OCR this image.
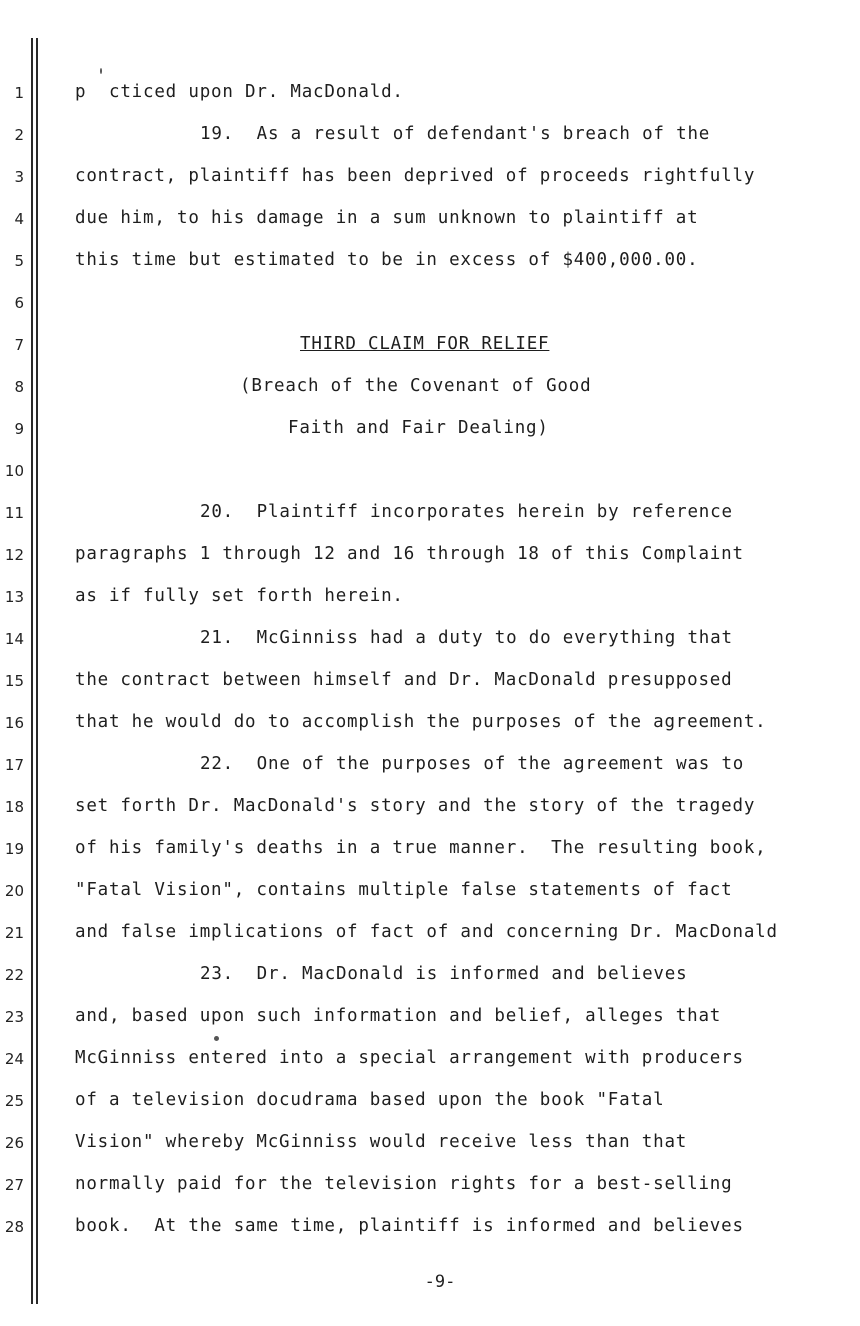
1
2
3
4
5
6
7
8
9
10
11
12
13
14
15
16
17
18
19
20
21
22
23
24
25
26
27
28
p  cticed upon Dr. MacDonald.
19.  As a result of defendant's breach of the
contract, plaintiff has been deprived of proceeds rightfully
due him, to his damage in a sum unknown to plaintiff at
this time but estimated to be in excess of $400,000.00.
THIRD CLAIM FOR RELIEF
(Breach of the Covenant of Good
Faith and Fair Dealing)
20.  Plaintiff incorporates herein by reference
paragraphs 1 through 12 and 16 through 18 of this Complaint
as if fully set forth herein.
21.  McGinniss had a duty to do everything that
the contract between himself and Dr. MacDonald presupposed
that he would do to accomplish the purposes of the agreement.
22.  One of the purposes of the agreement was to
set forth Dr. MacDonald's story and the story of the tragedy
of his family's deaths in a true manner.  The resulting book,
"Fatal Vision", contains multiple false statements of fact
and false implications of fact of and concerning Dr. MacDonald
23.  Dr. MacDonald is informed and believes
and, based upon such information and belief, alleges that
McGinniss entered into a special arrangement with producers
of a television docudrama based upon the book "Fatal
Vision" whereby McGinniss would receive less than that
normally paid for the television rights for a best-selling
book.  At the same time, plaintiff is informed and believes
-9-
